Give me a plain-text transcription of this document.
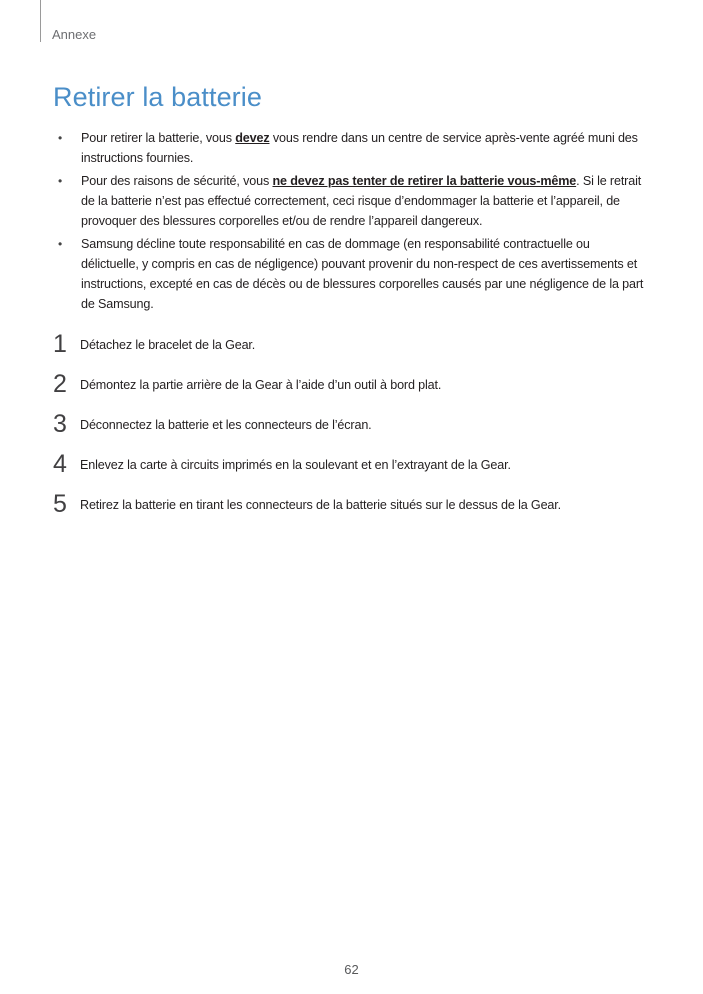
Annexe
Retirer la batterie
• Pour retirer la batterie, vous devez vous rendre dans un centre de service après-vente agréé muni des instructions fournies.
• Pour des raisons de sécurité, vous ne devez pas tenter de retirer la batterie vous-même. Si le retrait de la batterie n’est pas effectué correctement, ceci risque d’endommager la batterie et l’appareil, de provoquer des blessures corporelles et/ou de rendre l’appareil dangereux.
• Samsung décline toute responsabilité en cas de dommage (en responsabilité contractuelle ou délictuelle, y compris en cas de négligence) pouvant provenir du non-respect de ces avertissements et instructions, excepté en cas de décès ou de blessures corporelles causés par une négligence de la part de Samsung.
1 Détachez le bracelet de la Gear.
2 Démontez la partie arrière de la Gear à l’aide d’un outil à bord plat.
3 Déconnectez la batterie et les connecteurs de l’écran.
4 Enlevez la carte à circuits imprimés en la soulevant et en l’extrayant de la Gear.
5 Retirez la batterie en tirant les connecteurs de la batterie situés sur le dessus de la Gear.
62
